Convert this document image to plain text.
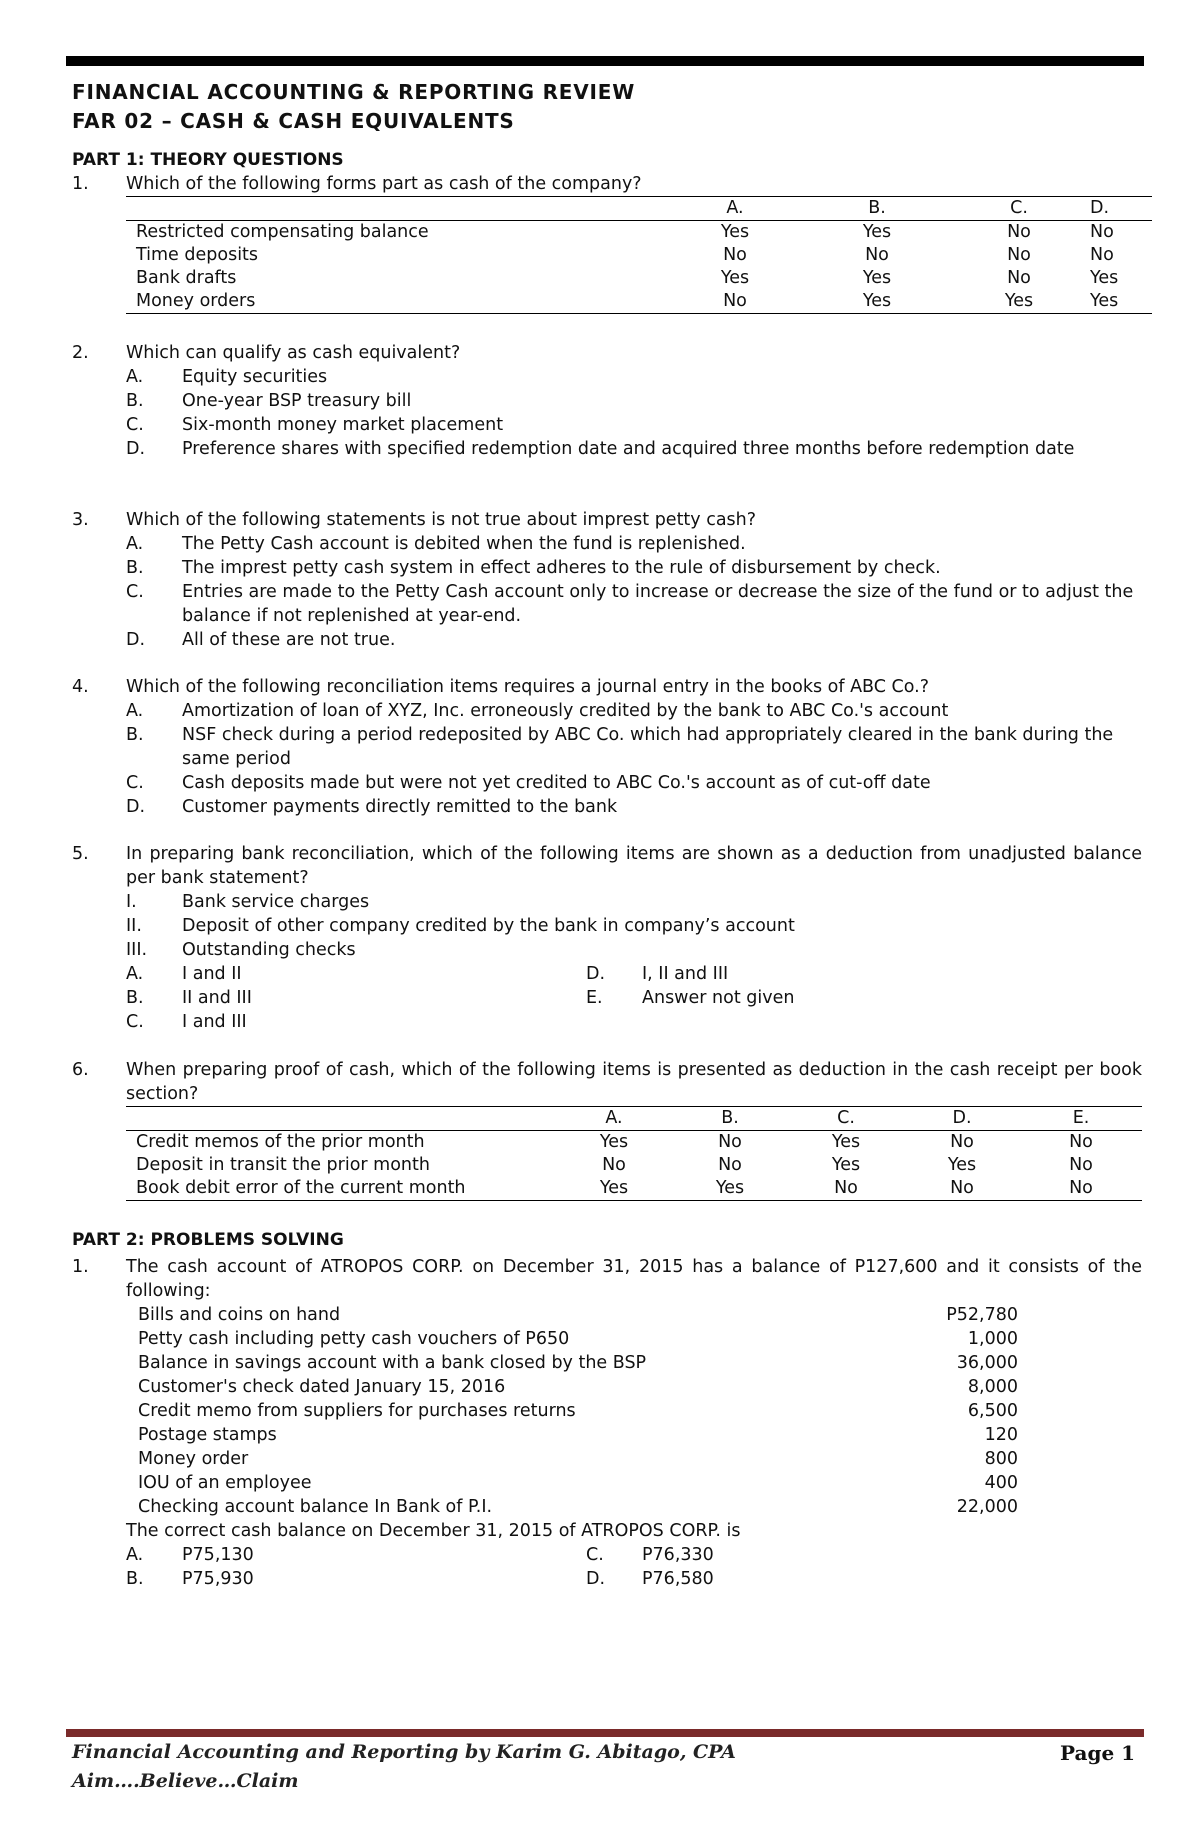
FINANCIAL ACCOUNTING & REPORTING REVIEW
FAR 02 – CASH & CASH EQUIVALENTS
PART 1: THEORY QUESTIONS
1.	Which of the following forms part as cash of the company?
	A.	B.	C.	D.
Restricted compensating balance	Yes	Yes	No	No
Time deposits	No	No	No	No
Bank drafts	Yes	Yes	No	Yes
Money orders	No	Yes	Yes	Yes
2.	Which can qualify as cash equivalent?
A.	Equity securities
B.	One-year BSP treasury bill
C.	Six-month money market placement
D.	Preference shares with specified redemption date and acquired three months before redemption date
3.	Which of the following statements is not true about imprest petty cash?
A.	The Petty Cash account is debited when the fund is replenished.
B.	The imprest petty cash system in effect adheres to the rule of disbursement by check.
C.	Entries are made to the Petty Cash account only to increase or decrease the size of the fund or to adjust the balance if not replenished at year-end.
D.	All of these are not true.
4.	Which of the following reconciliation items requires a journal entry in the books of ABC Co.?
A.	Amortization of loan of XYZ, Inc. erroneously credited by the bank to ABC Co.'s account
B.	NSF check during a period redeposited by ABC Co. which had appropriately cleared in the bank during the same period
C.	Cash deposits made but were not yet credited to ABC Co.'s account as of cut-off date
D.	Customer payments directly remitted to the bank
5.	In preparing bank reconciliation, which of the following items are shown as a deduction from unadjusted balance per bank statement?
I.	Bank service charges
II.	Deposit of other company credited by the bank in company’s account
III.	Outstanding checks
A.	I and II
B.	II and III
C.	I and III
D.	I, II and III
E.	Answer not given
6.	When preparing proof of cash, which of the following items is presented as deduction in the cash receipt per book section?
	A.	B.	C.	D.	E.
Credit memos of the prior month	Yes	No	Yes	No	No
Deposit in transit the prior month	No	No	Yes	Yes	No
Book debit error of the current month	Yes	Yes	No	No	No
PART 2: PROBLEMS SOLVING
1.	The cash account of ATROPOS CORP. on December 31, 2015 has a balance of P127,600 and it consists of the following:
Bills and coins on hand	P52,780
Petty cash including petty cash vouchers of P650	1,000
Balance in savings account with a bank closed by the BSP	36,000
Customer's check dated January 15, 2016	8,000
Credit memo from suppliers for purchases returns	6,500
Postage stamps	120
Money order	800
IOU of an employee	400
Checking account balance In Bank of P.I.	22,000
The correct cash balance on December 31, 2015 of ATROPOS CORP. is
A.	P75,130
B.	P75,930
C.	P76,330
D.	P76,580
Financial Accounting and Reporting by Karim G. Abitago, CPA
Aim….Believe…Claim
Page 1
